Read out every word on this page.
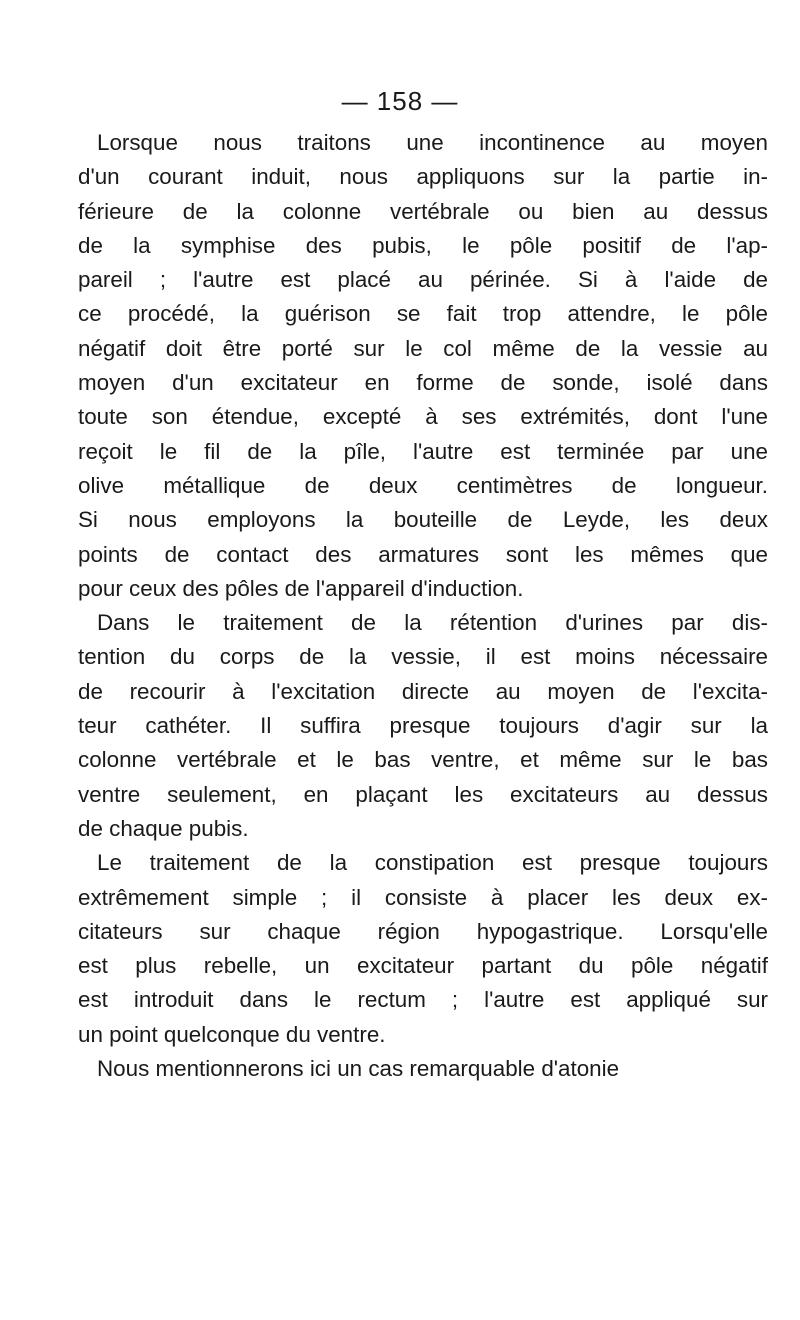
— 158 —
Lorsque nous traitons une incontinence au moyen
d'un courant induit, nous appliquons sur la partie in-
férieure de la colonne vertébrale ou bien au dessus
de la symphise des pubis, le pôle positif de l'ap-
pareil ; l'autre est placé au périnée. Si à l'aide de
ce procédé, la guérison se fait trop attendre, le pôle
négatif doit être porté sur le col même de la vessie au
moyen d'un excitateur en forme de sonde, isolé dans
toute son étendue, excepté à ses extrémités, dont l'une
reçoit le fil de la pîle, l'autre est terminée par une
olive métallique de deux centimètres de longueur.
Si nous employons la bouteille de Leyde, les deux
points de contact des armatures sont les mêmes que
pour ceux des pôles de l'appareil d'induction.
Dans le traitement de la rétention d'urines par dis-
tention du corps de la vessie, il est moins nécessaire
de recourir à l'excitation directe au moyen de l'excita-
teur cathéter. Il suffira presque toujours d'agir sur la
colonne vertébrale et le bas ventre, et même sur le bas
ventre seulement, en plaçant les excitateurs au dessus
de chaque pubis.
Le traitement de la constipation est presque toujours
extrêmement simple ; il consiste à placer les deux ex-
citateurs sur chaque région hypogastrique. Lorsqu'elle
est plus rebelle, un excitateur partant du pôle négatif
est introduit dans le rectum ; l'autre est appliqué sur
un point quelconque du ventre.
Nous mentionnerons ici un cas remarquable d'atonie
